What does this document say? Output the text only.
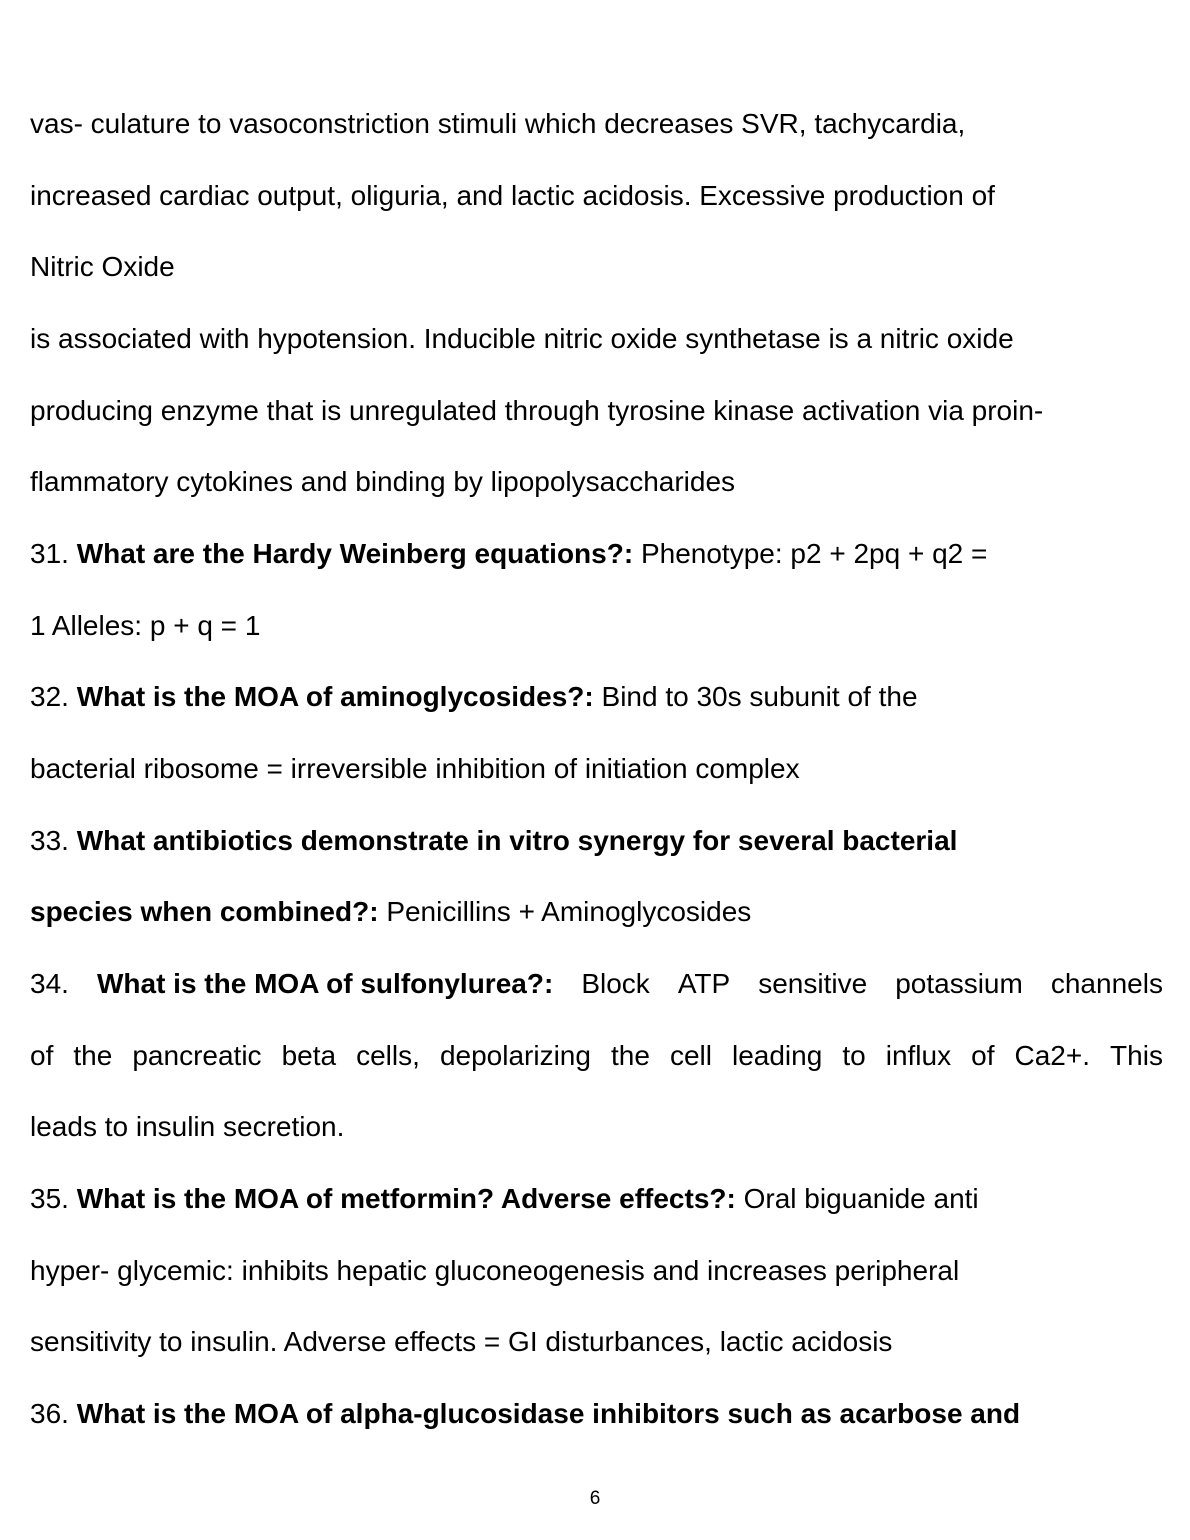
vas- culature to vasoconstriction stimuli which decreases SVR, tachycardia,
increased cardiac output, oliguria, and lactic acidosis. Excessive production of
Nitric Oxide
is associated with hypotension. Inducible nitric oxide synthetase is a nitric oxide
producing enzyme that is unregulated through tyrosine kinase activation via proin-
flammatory cytokines and binding by lipopolysaccharides
31. What are the Hardy Weinberg equations?: Phenotype: p2 + 2pq + q2 =
1 Alleles: p + q = 1
32. What is the MOA of aminoglycosides?: Bind to 30s subunit of the
bacterial ribosome = irreversible inhibition of initiation complex
33. What antibiotics demonstrate in vitro synergy for several bacterial
species when combined?: Penicillins + Aminoglycosides
34. What is the MOA of sulfonylurea?: Block ATP sensitive potassium channels
of the pancreatic beta cells, depolarizing the cell leading to influx of Ca2+. This
leads to insulin secretion.
35. What is the MOA of metformin? Adverse effects?: Oral biguanide anti
hyper- glycemic: inhibits hepatic gluconeogenesis and increases peripheral
sensitivity to insulin. Adverse effects = GI disturbances, lactic acidosis
36. What is the MOA of alpha-glucosidase inhibitors such as acarbose and
6
